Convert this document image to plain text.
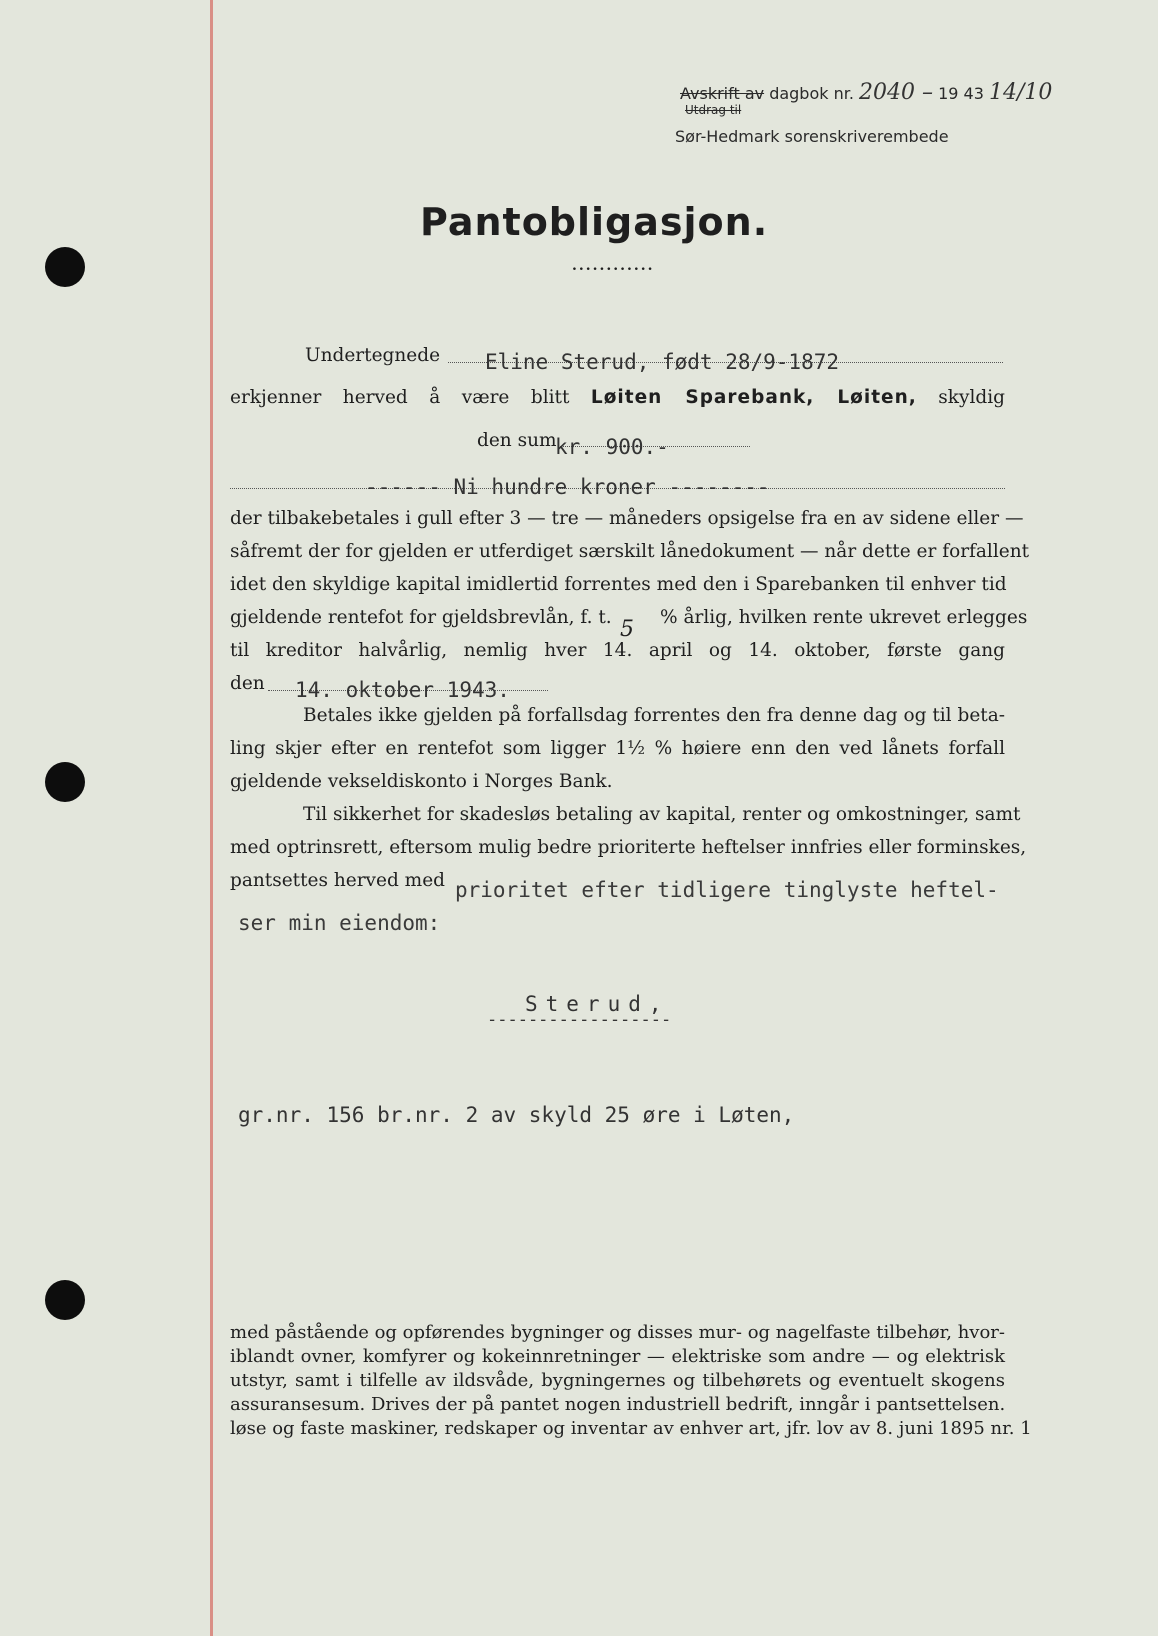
Avskrift av dagbok nr. 2040 – 19 43 14/10
Utdrag til
Sør-Hedmark sorenskriverembede
Pantobligasjon.
............
Undertegnede Eline Sterud, født 28/9-1872
erkjenner herved å være blitt Løiten Sparebank, Løiten, skyldig
den sum
kr. 900.-
------ Ni hundre kroner --------
der tilbakebetales i gull efter 3 — tre — måneders opsigelse fra en av sidene eller —
såfremt der for gjelden er utferdiget særskilt lånedokument — når dette er forfallent
idet den skyldige kapital imidlertid forrentes med den i Sparebanken til enhver tid
gjeldende rentefot for gjeldsbrevlån, f. t. 5 % årlig, hvilken rente ukrevet erlegges
til kreditor halvårlig, nemlig hver 14. april og 14. oktober, første gang
den 14. oktober 1943.
Betales ikke gjelden på forfallsdag forrentes den fra denne dag og til beta-
ling skjer efter en rentefot som ligger 1½ % høiere enn den ved lånets forfall
gjeldende vekseldiskonto i Norges Bank.
Til sikkerhet for skadesløs betaling av kapital, renter og omkostninger, samt
med optrinsrett, eftersom mulig bedre prioriterte heftelser innfries eller forminskes,
pantsettes herved med prioritet efter tidligere tinglyste heftel-
ser min eiendom:
Sterud,
------------------
gr.nr. 156 br.nr. 2 av skyld 25 øre i Løten,
med påstående og opførendes bygninger og disses mur- og nagelfaste tilbehør, hvor-
iblandt ovner, komfyrer og kokeinnretninger — elektriske som andre — og elektrisk
utstyr, samt i tilfelle av ildsvåde, bygningernes og tilbehørets og eventuelt skogens
assuransesum. Drives der på pantet nogen industriell bedrift, inngår i pantsettelsen.
løse og faste maskiner, redskaper og inventar av enhver art, jfr. lov av 8. juni 1895 nr. 1
